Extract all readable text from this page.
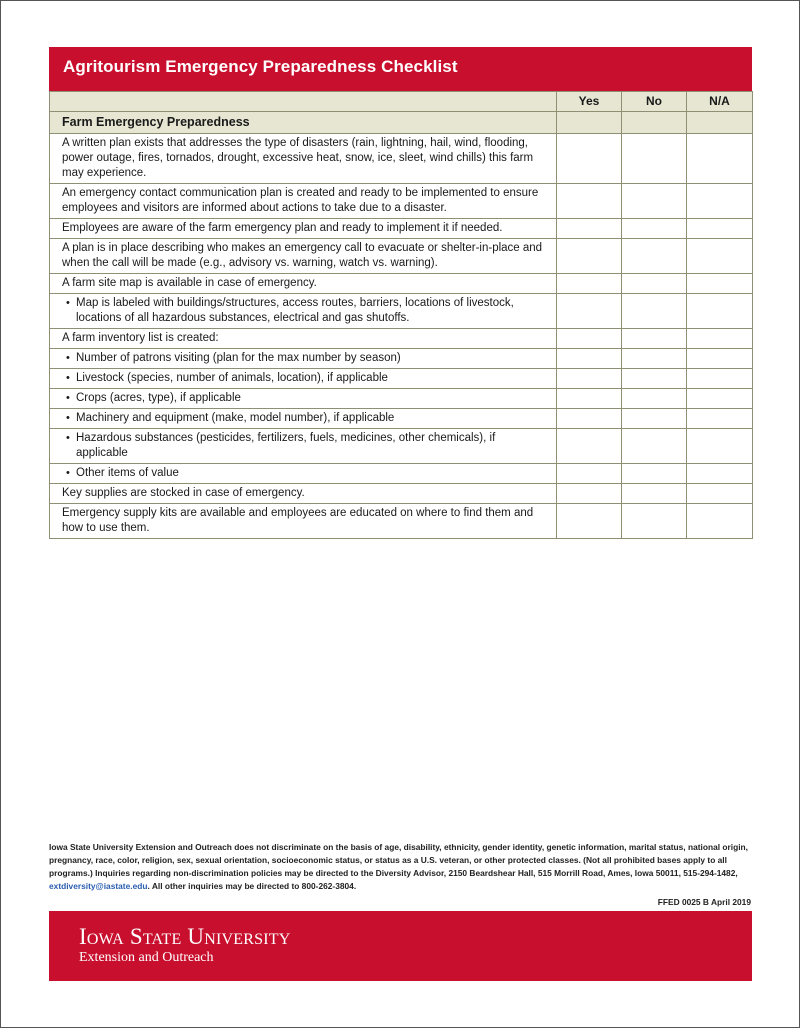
Agritourism Emergency Preparedness Checklist
	Yes	No	N/A
Farm Emergency Preparedness			
A written plan exists that addresses the type of disasters (rain, lightning, hail, wind, flooding, power outage, fires, tornados, drought, excessive heat, snow, ice, sleet, wind chills) this farm may experience.			
An emergency contact communication plan is created and ready to be implemented to ensure employees and visitors are informed about actions to take due to a disaster.			
Employees are aware of the farm emergency plan and ready to implement it if needed.			
A plan is in place describing who makes an emergency call to evacuate or shelter-in-place and when the call will be made (e.g., advisory vs. warning, watch vs. warning).			
A farm site map is available in case of emergency.			
• Map is labeled with buildings/structures, access routes, barriers, locations of livestock, locations of all hazardous substances, electrical and gas shutoffs.			
A farm inventory list is created:			
• Number of patrons visiting (plan for the max number by season)			
• Livestock (species, number of animals, location), if applicable			
• Crops (acres, type), if applicable			
• Machinery and equipment (make, model number), if applicable			
• Hazardous substances (pesticides, fertilizers, fuels, medicines, other chemicals), if applicable			
• Other items of value			
Key supplies are stocked in case of emergency.			
Emergency supply kits are available and employees are educated on where to find them and how to use them.			
Iowa State University Extension and Outreach does not discriminate on the basis of age, disability, ethnicity, gender identity, genetic information, marital status, national origin, pregnancy, race, color, religion, sex, sexual orientation, socioeconomic status, or status as a U.S. veteran, or other protected classes. (Not all prohibited bases apply to all programs.) Inquiries regarding non-discrimination policies may be directed to the Diversity Advisor, 2150 Beardshear Hall, 515 Morrill Road, Ames, Iowa 50011, 515-294-1482, extdiversity@iastate.edu. All other inquiries may be directed to 800-262-3804.
FFED 0025 B April 2019
Iowa State University
Extension and Outreach
